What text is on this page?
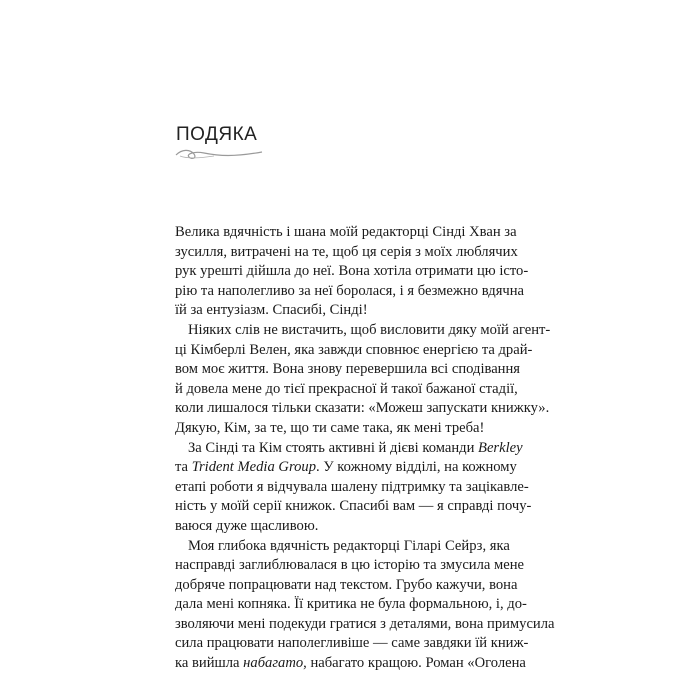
ПОДЯКА

Велика вдячність і шана моїй редакторці Сінді Хван за
зусилля, витрачені на те, щоб ця серія з моїх люблячих
рук урешті дійшла до неї. Вона хотіла отримати цю істо-
рію та наполегливо за неї боролася, і я безмежно вдячна
їй за ентузіазм. Спасибі, Сінді!

Ніяких слів не вистачить, щоб висловити дяку моїй агент-
ці Кімберлі Велен, яка завжди сповнює енергією та драй-
вом моє життя. Вона знову перевершила всі сподівання
й довела мене до тієї прекрасної й такої бажаної стадії,
коли лишалося тільки сказати: «Можеш запускати книжку».
Дякую, Кім, за те, що ти саме така, як мені треба!

За Сінді та Кім стоять активні й дієві команди Berkley
та Trident Media Group. У кожному відділі, на кожному
етапі роботи я відчувала шалену підтримку та зацікавле-
ність у моїй серії книжок. Спасибі вам — я справді почу-
ваюся дуже щасливою.

Моя глибока вдячність редакторці Гіларі Сейрз, яка
насправді заглиблювалася в цю історію та змусила мене
добряче попрацювати над текстом. Грубо кажучи, вона
дала мені копняка. Її критика не була формальною, і, до-
зволяючи мені подекуди гратися з деталями, вона примусила
сила працювати наполегливіше — саме завдяки їй книж-
ка вийшла набагато, набагато кращою. Роман «Оголена
